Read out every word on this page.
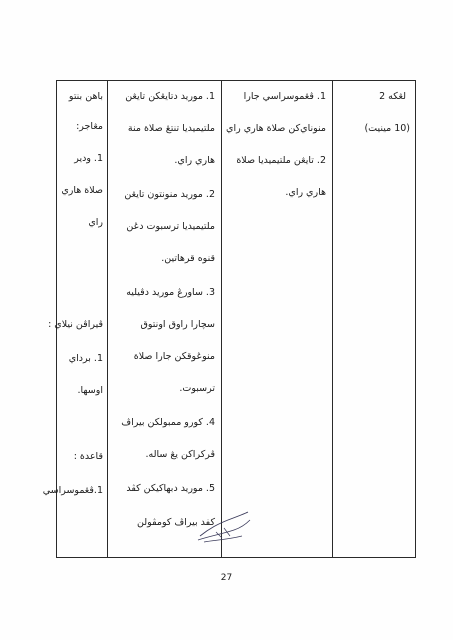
باهن بنتو
مڠاجر:
1. ودير
صلاة هاري
راي
ڤيراڤن نيلاي :
1. برداي
اوسها.
قاعدة :
1.ڤڠموسراسي
1. موريد دتايڠكن تايڠن
ملتيميديا تنتڠ صلاة منة
هاري راي.
2. موريد منونتون تايڠن
ملتيميديا ترسبوت دڠن
قنوه قرهاتين.
3. ساورڠ موريد دڤيليه
سچارا راوق اونتوق
منوڠوقكن جارا صلاة
ترسبوت.
4. كورو ممبولكن بيراڤ
ڤركراكن يڠ ساله.
5. موريد دبهاكيكن كڤد
كفد بيراڤ كومڤولن
1. ڤڠموسراسي جارا
منوناي‌كن صلاة هاري راي
2. تايڠن ملتيميديا صلاة
هاري راي.
لڠكه 2
(10 مينيت)
27
